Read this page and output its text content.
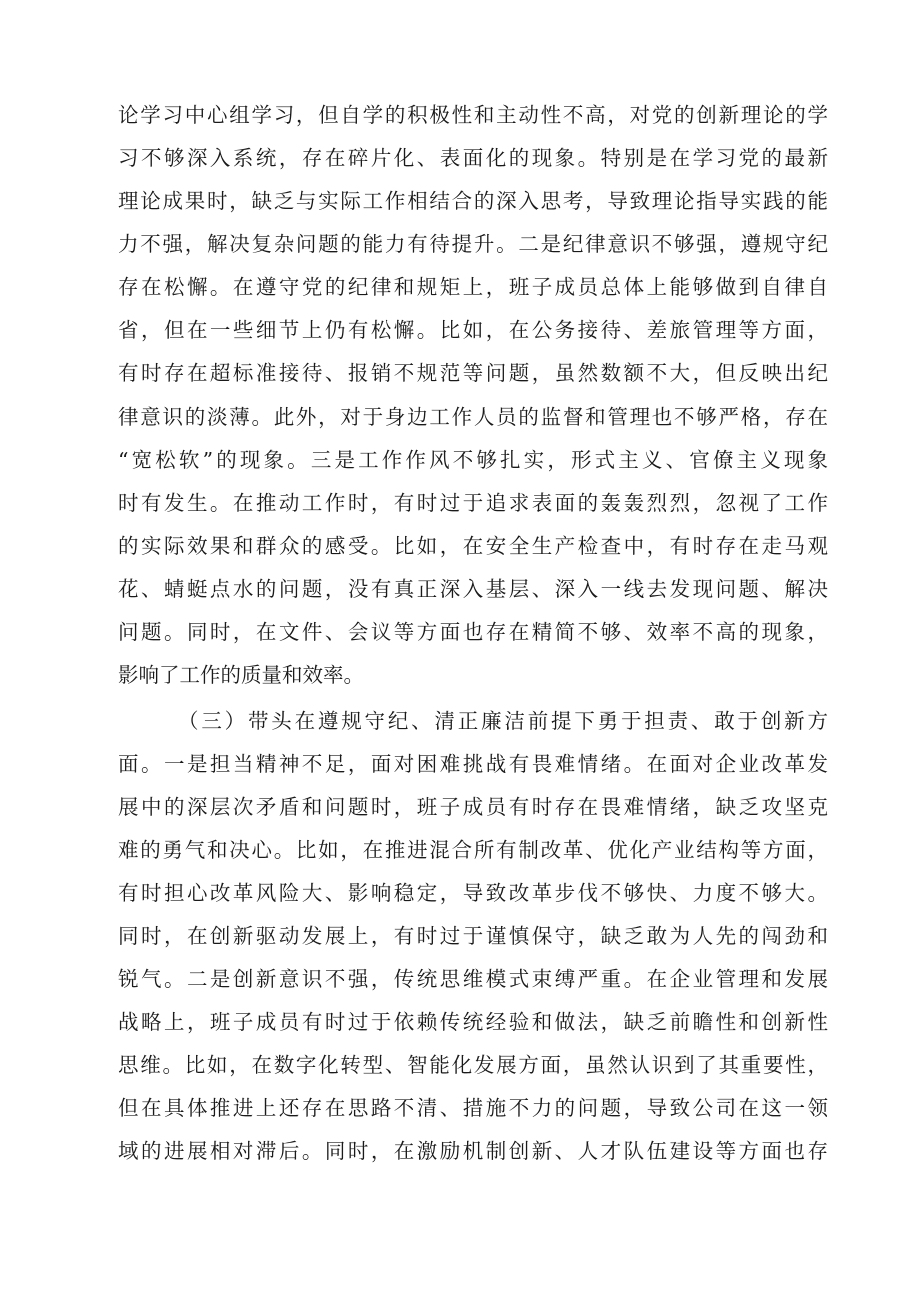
论学习中心组学习，但自学的积极性和主动性不高，对党的创新理论的学
习不够深入系统，存在碎片化、表面化的现象。特别是在学习党的最新
理论成果时，缺乏与实际工作相结合的深入思考，导致理论指导实践的能
力不强，解决复杂问题的能力有待提升。二是纪律意识不够强，遵规守纪
存在松懈。在遵守党的纪律和规矩上，班子成员总体上能够做到自律自
省，但在一些细节上仍有松懈。比如，在公务接待、差旅管理等方面，
有时存在超标准接待、报销不规范等问题，虽然数额不大，但反映出纪
律意识的淡薄。此外，对于身边工作人员的监督和管理也不够严格，存在
“宽松软”的现象。三是工作作风不够扎实，形式主义、官僚主义现象
时有发生。在推动工作时，有时过于追求表面的轰轰烈烈，忽视了工作
的实际效果和群众的感受。比如，在安全生产检查中，有时存在走马观
花、蜻蜓点水的问题，没有真正深入基层、深入一线去发现问题、解决
问题。同时，在文件、会议等方面也存在精简不够、效率不高的现象，
影响了工作的质量和效率。
（三）带头在遵规守纪、清正廉洁前提下勇于担责、敢于创新方
面。一是担当精神不足，面对困难挑战有畏难情绪。在面对企业改革发
展中的深层次矛盾和问题时，班子成员有时存在畏难情绪，缺乏攻坚克
难的勇气和决心。比如，在推进混合所有制改革、优化产业结构等方面，
有时担心改革风险大、影响稳定，导致改革步伐不够快、力度不够大。
同时，在创新驱动发展上，有时过于谨慎保守，缺乏敢为人先的闯劲和
锐气。二是创新意识不强，传统思维模式束缚严重。在企业管理和发展
战略上，班子成员有时过于依赖传统经验和做法，缺乏前瞻性和创新性
思维。比如，在数字化转型、智能化发展方面，虽然认识到了其重要性，
但在具体推进上还存在思路不清、措施不力的问题，导致公司在这一领
域的进展相对滞后。同时，在激励机制创新、人才队伍建设等方面也存
